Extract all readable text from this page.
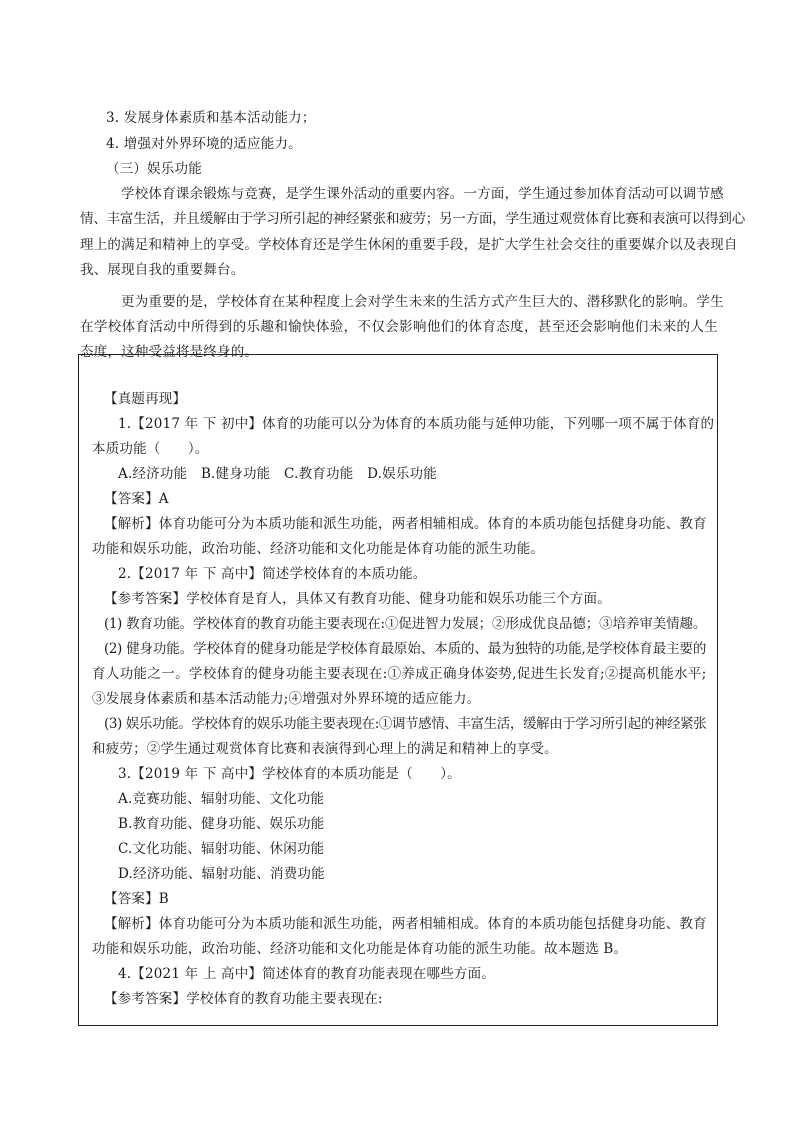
3. 发展身体素质和基本活动能力；
4. 增强对外界环境的适应能力。
（三）娱乐功能
学校体育课余锻炼与竞赛，是学生课外活动的重要内容。一方面，学生通过参加体育活动可以调节感
情、丰富生活，并且缓解由于学习所引起的神经紧张和疲劳；另一方面，学生通过观赏体育比赛和表演可以得到心
理上的满足和精神上的享受。学校体育还是学生休闲的重要手段，是扩大学生社会交往的重要媒介以及表现自
我、展现自我的重要舞台。
更为重要的是，学校体育在某种程度上会对学生未来的生活方式产生巨大的、潜移默化的影响。学生
在学校体育活动中所得到的乐趣和愉快体验，不仅会影响他们的体育态度，甚至还会影响他们未来的人生
态度，这种受益将是终身的。
【真题再现】
1.【2017 年 下 初中】体育的功能可以分为体育的本质功能与延伸功能，下列哪一项不属于体育的
本质功能（　　）。
A.经济功能　B.健身功能　C.教育功能　D.娱乐功能
【答案】A
【解析】体育功能可分为本质功能和派生功能，两者相辅相成。体育的本质功能包括健身功能、教育
功能和娱乐功能，政治功能、经济功能和文化功能是体育功能的派生功能。
2.【2017 年 下 高中】简述学校体育的本质功能。
【参考答案】学校体育是育人，具体又有教育功能、健身功能和娱乐功能三个方面。
(1) 教育功能。学校体育的教育功能主要表现在:①促进智力发展；②形成优良品德；③培养审美情趣。
(2) 健身功能。学校体育的健身功能是学校体育最原始、本质的、最为独特的功能,是学校体育最主要的
育人功能之一。学校体育的健身功能主要表现在:①养成正确身体姿势,促进生长发育;②提高机能水平;
③发展身体素质和基本活动能力;④增强对外界环境的适应能力。
(3) 娱乐功能。学校体育的娱乐功能主要表现在:①调节感情、丰富生活，缓解由于学习所引起的神经紧张
和疲劳；②学生通过观赏体育比赛和表演得到心理上的满足和精神上的享受。
3.【2019 年 下 高中】学校体育的本质功能是（　　）。
A.竞赛功能、辐射功能、文化功能
B.教育功能、健身功能、娱乐功能
C.文化功能、辐射功能、休闲功能
D.经济功能、辐射功能、消费功能
【答案】B
【解析】体育功能可分为本质功能和派生功能，两者相辅相成。体育的本质功能包括健身功能、教育
功能和娱乐功能，政治功能、经济功能和文化功能是体育功能的派生功能。故本题选 B。
4.【2021 年 上 高中】简述体育的教育功能表现在哪些方面。
【参考答案】学校体育的教育功能主要表现在:
